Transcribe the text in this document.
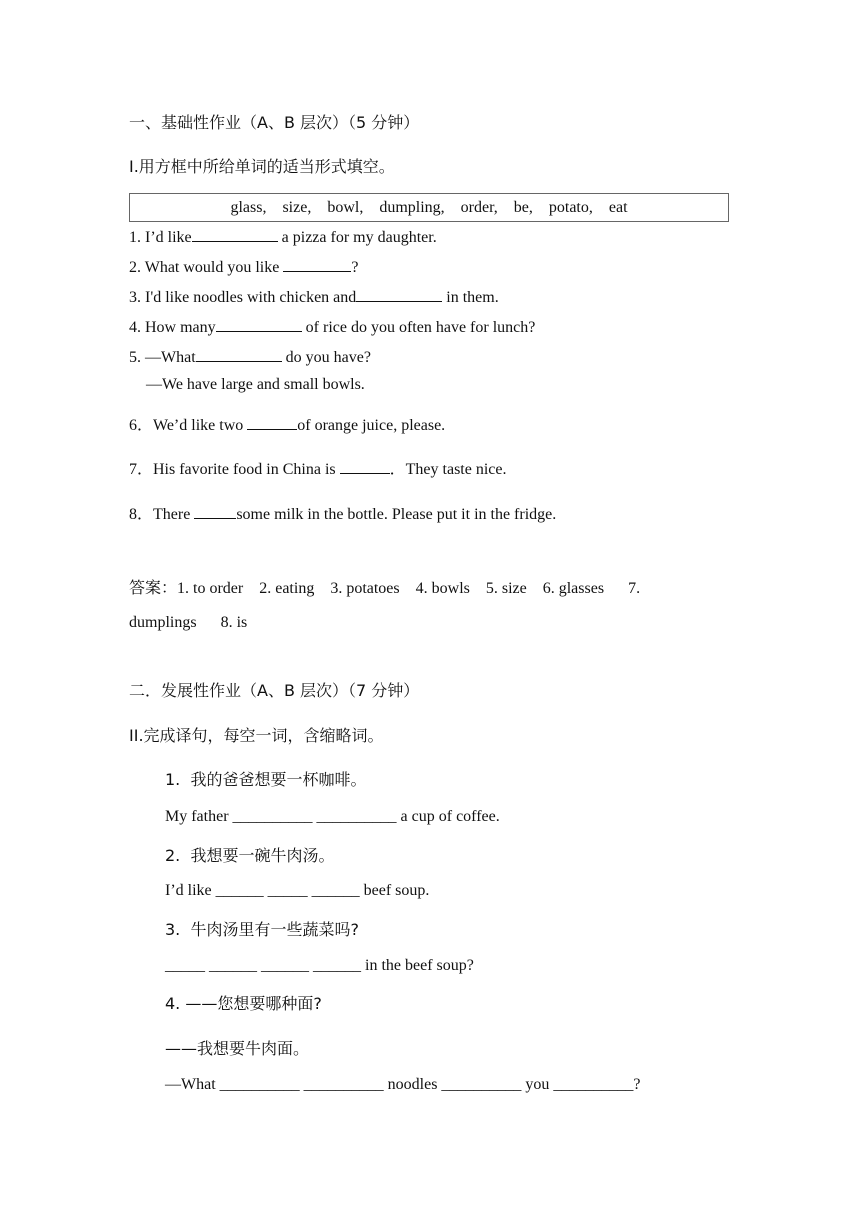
一、基础性作业（A、B 层次）（5 分钟）
I.用方框中所给单词的适当形式填空。
glass,    size,    bowl,    dumpling,    order,    be,    potato,    eat
1. I’d like	a pizza for my daughter.
2. What would you like	?
3. I'd like noodles with chicken and	in them.
4. How many	of rice do you often have for lunch?
5. —What	do you have?
—We have large and small bowls.
6．We’d like two	of orange juice, please.
7．His favorite food in China is	．They taste nice.
8．There	some milk in the bottle. Please put it in the fridge.
答案：1. to order    2. eating    3. potatoes    4. bowls    5. size    6. glasses      7.
dumplings      8. is
二．发展性作业（A、B 层次）（7 分钟）
II.完成译句，每空一词，含缩略词。
1.  我的爸爸想要一杯咖啡。
My father __________ __________ a cup of coffee.
2.  我想要一碗牛肉汤。
I’d like ______ _____ ______ beef soup.
3.  牛肉汤里有一些蔬菜吗?
_____ ______ ______ ______ in the beef soup?
4. ——您想要哪种面?
——我想要牛肉面。
—What __________ __________ noodles __________ you __________?
